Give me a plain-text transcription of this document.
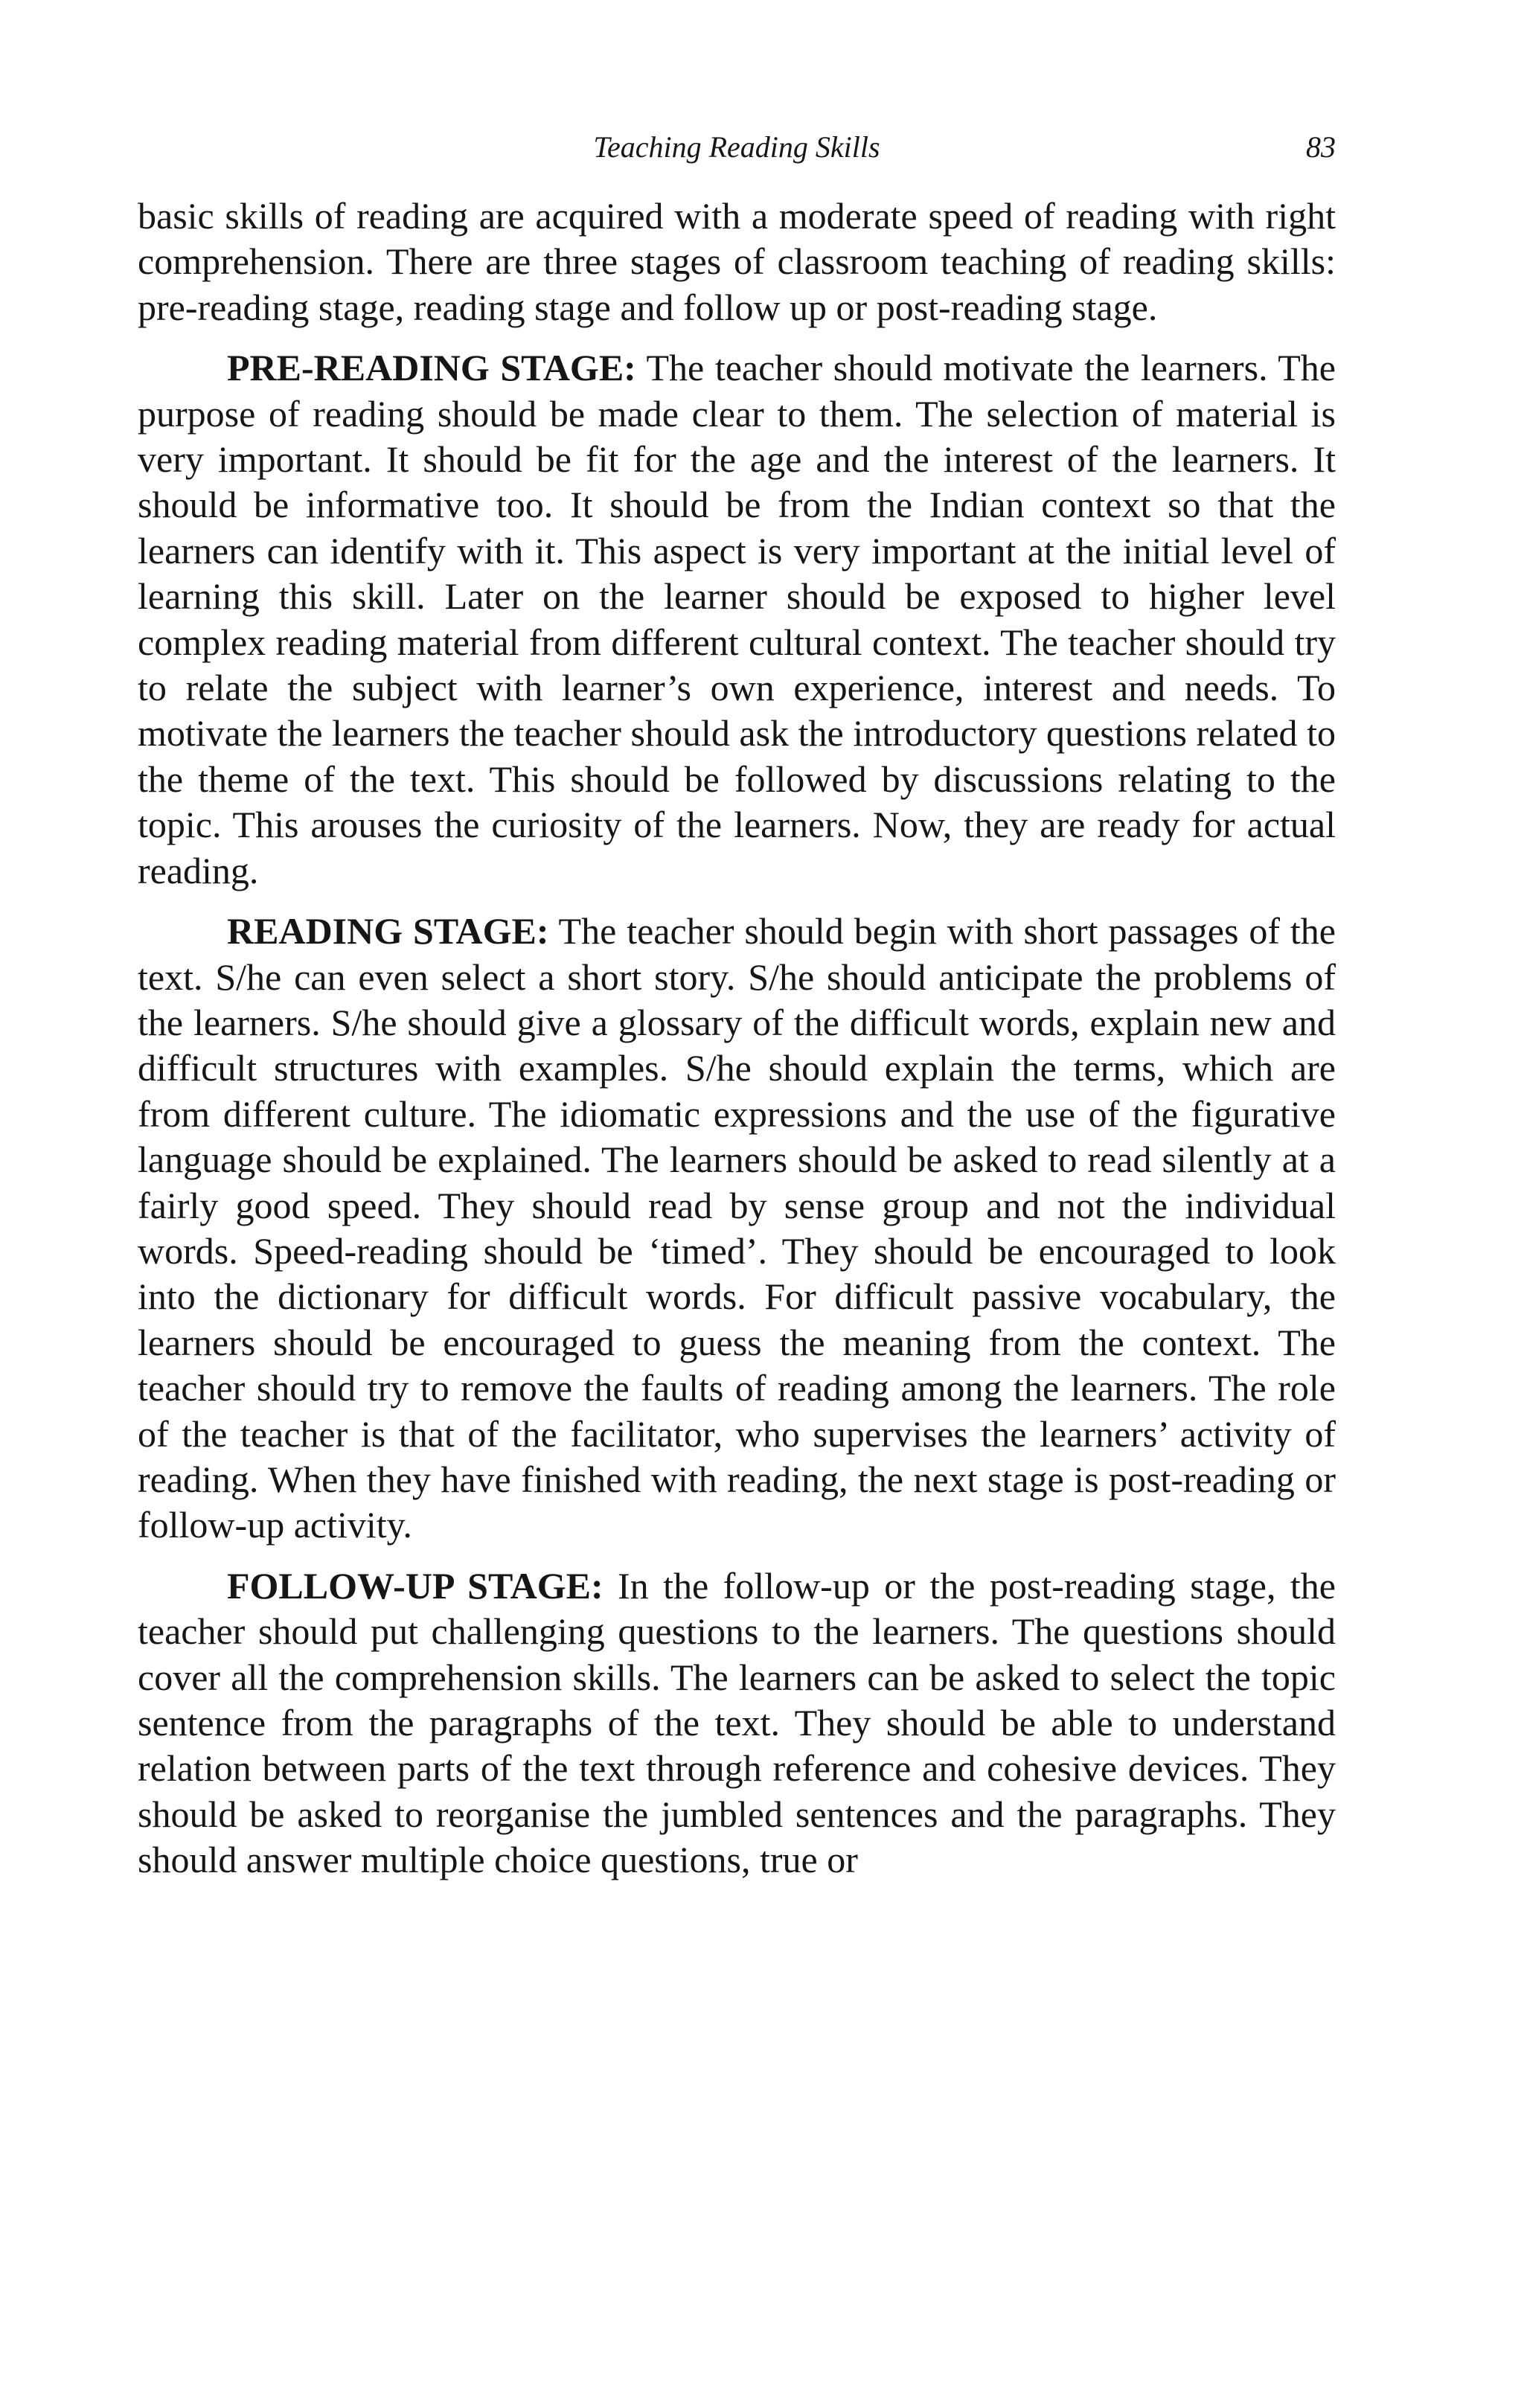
Teaching Reading Skills	83

basic skills of reading are acquired with a moderate speed of reading with right comprehension. There are three stages of classroom teaching of reading skills: pre-reading stage, reading stage and follow up or post-reading stage.

PRE-READING STAGE: The teacher should motivate the learners. The purpose of reading should be made clear to them. The selection of material is very important. It should be fit for the age and the interest of the learners. It should be informative too. It should be from the Indian context so that the learners can identify with it. This aspect is very important at the initial level of learning this skill. Later on the learner should be exposed to higher level complex reading material from different cultural context. The teacher should try to relate the subject with learner’s own experience, interest and needs. To motivate the learners the teacher should ask the introductory questions related to the theme of the text. This should be followed by discussions relating to the topic. This arouses the curiosity of the learners. Now, they are ready for actual reading.

READING STAGE: The teacher should begin with short passages of the text. S/he can even select a short story. S/he should anticipate the problems of the learners. S/he should give a glossary of the difficult words, explain new and difficult structures with examples. S/he should explain the terms, which are from different culture. The idiomatic expressions and the use of the figurative language should be explained. The learners should be asked to read silently at a fairly good speed. They should read by sense group and not the individual words. Speed-reading should be ‘timed’. They should be encouraged to look into the dictionary for difficult words. For difficult passive vocabulary, the learners should be encouraged to guess the meaning from the context. The teacher should try to remove the faults of reading among the learners. The role of the teacher is that of the facilitator, who supervises the learners’ activity of reading. When they have finished with reading, the next stage is post-reading or follow-up activity.

FOLLOW-UP STAGE: In the follow-up or the post-reading stage, the teacher should put challenging questions to the learners. The questions should cover all the comprehension skills. The learners can be asked to select the topic sentence from the paragraphs of the text. They should be able to understand relation between parts of the text through reference and cohesive devices. They should be asked to reorganise the jumbled sentences and the paragraphs. They should answer multiple choice questions, true or
